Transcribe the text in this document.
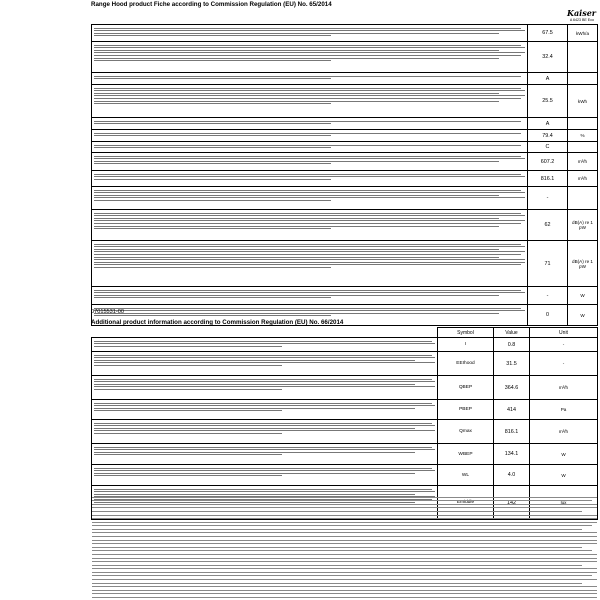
Range Hood product Fiche according to Commission Regulation (EU) No. 65/2014
Kaiser
A 6423 BE Eco
	67.5	kWh/a

	32.4	

	A	

	25.5	kWh

	A	

	79.4	%

	C	

	607.2	m³/h

	816.1	m³/h

	-	

	62	dB(A) re 1 pW

	71	dB(A) re 1 pW

	-	W

	0	W
07015531-00
Additional product information according to Commission Regulation (EU) No. 66/2014
	Symbol	Value	Unit

	I	0.8	-

	EEIhood	31.5	-

	QBEP	364.6	m³/h

	PBEP	414	Pa

	Qmax	816.1	m³/h

	WBEP	134.1	W

	WL	4.0	W

	Emiddle	142	lux
